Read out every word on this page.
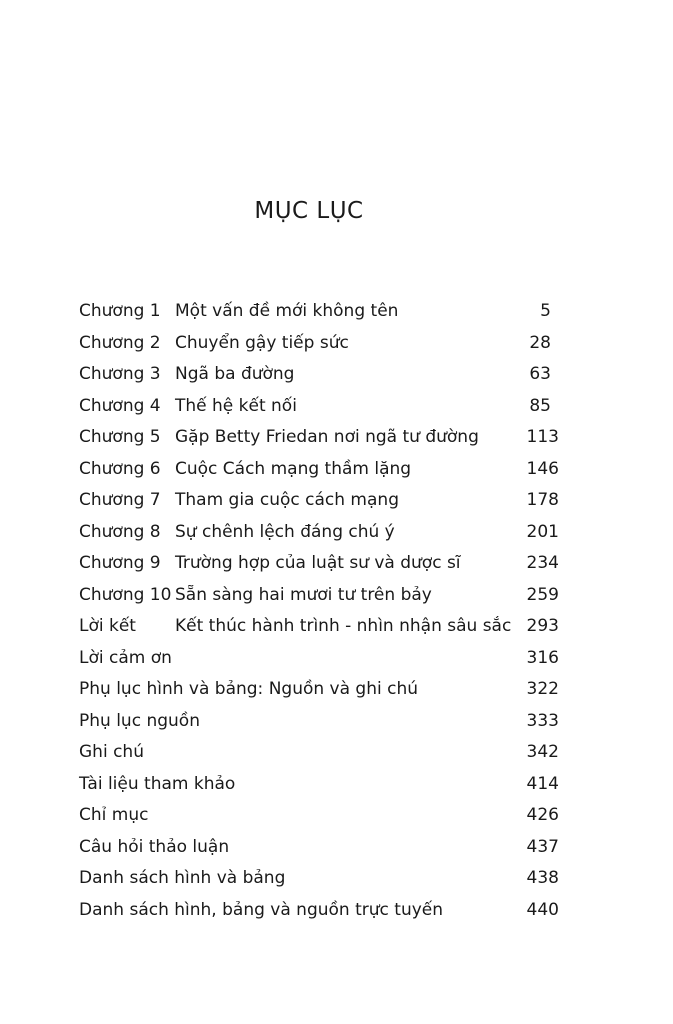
MỤC LỤC
Chương 1 Một vấn đề mới không tên	5
Chương 2 Chuyển gậy tiếp sức	28
Chương 3 Ngã ba đường	63
Chương 4 Thế hệ kết nối	85
Chương 5 Gặp Betty Friedan nơi ngã tư đường	113
Chương 6 Cuộc Cách mạng thầm lặng	146
Chương 7 Tham gia cuộc cách mạng	178
Chương 8 Sự chênh lệch đáng chú ý	201
Chương 9 Trường hợp của luật sư và dược sĩ	234
Chương 10 Sẵn sàng hai mươi tư trên bảy	259
Lời kết Kết thúc hành trình - nhìn nhận sâu sắc 293
Lời cảm ơn	316
Phụ lục hình và bảng: Nguồn và ghi chú	322
Phụ lục nguồn	333
Ghi chú	342
Tài liệu tham khảo	414
Chỉ mục	426
Câu hỏi thảo luận	437
Danh sách hình và bảng	438
Danh sách hình, bảng và nguồn trực tuyến	440
